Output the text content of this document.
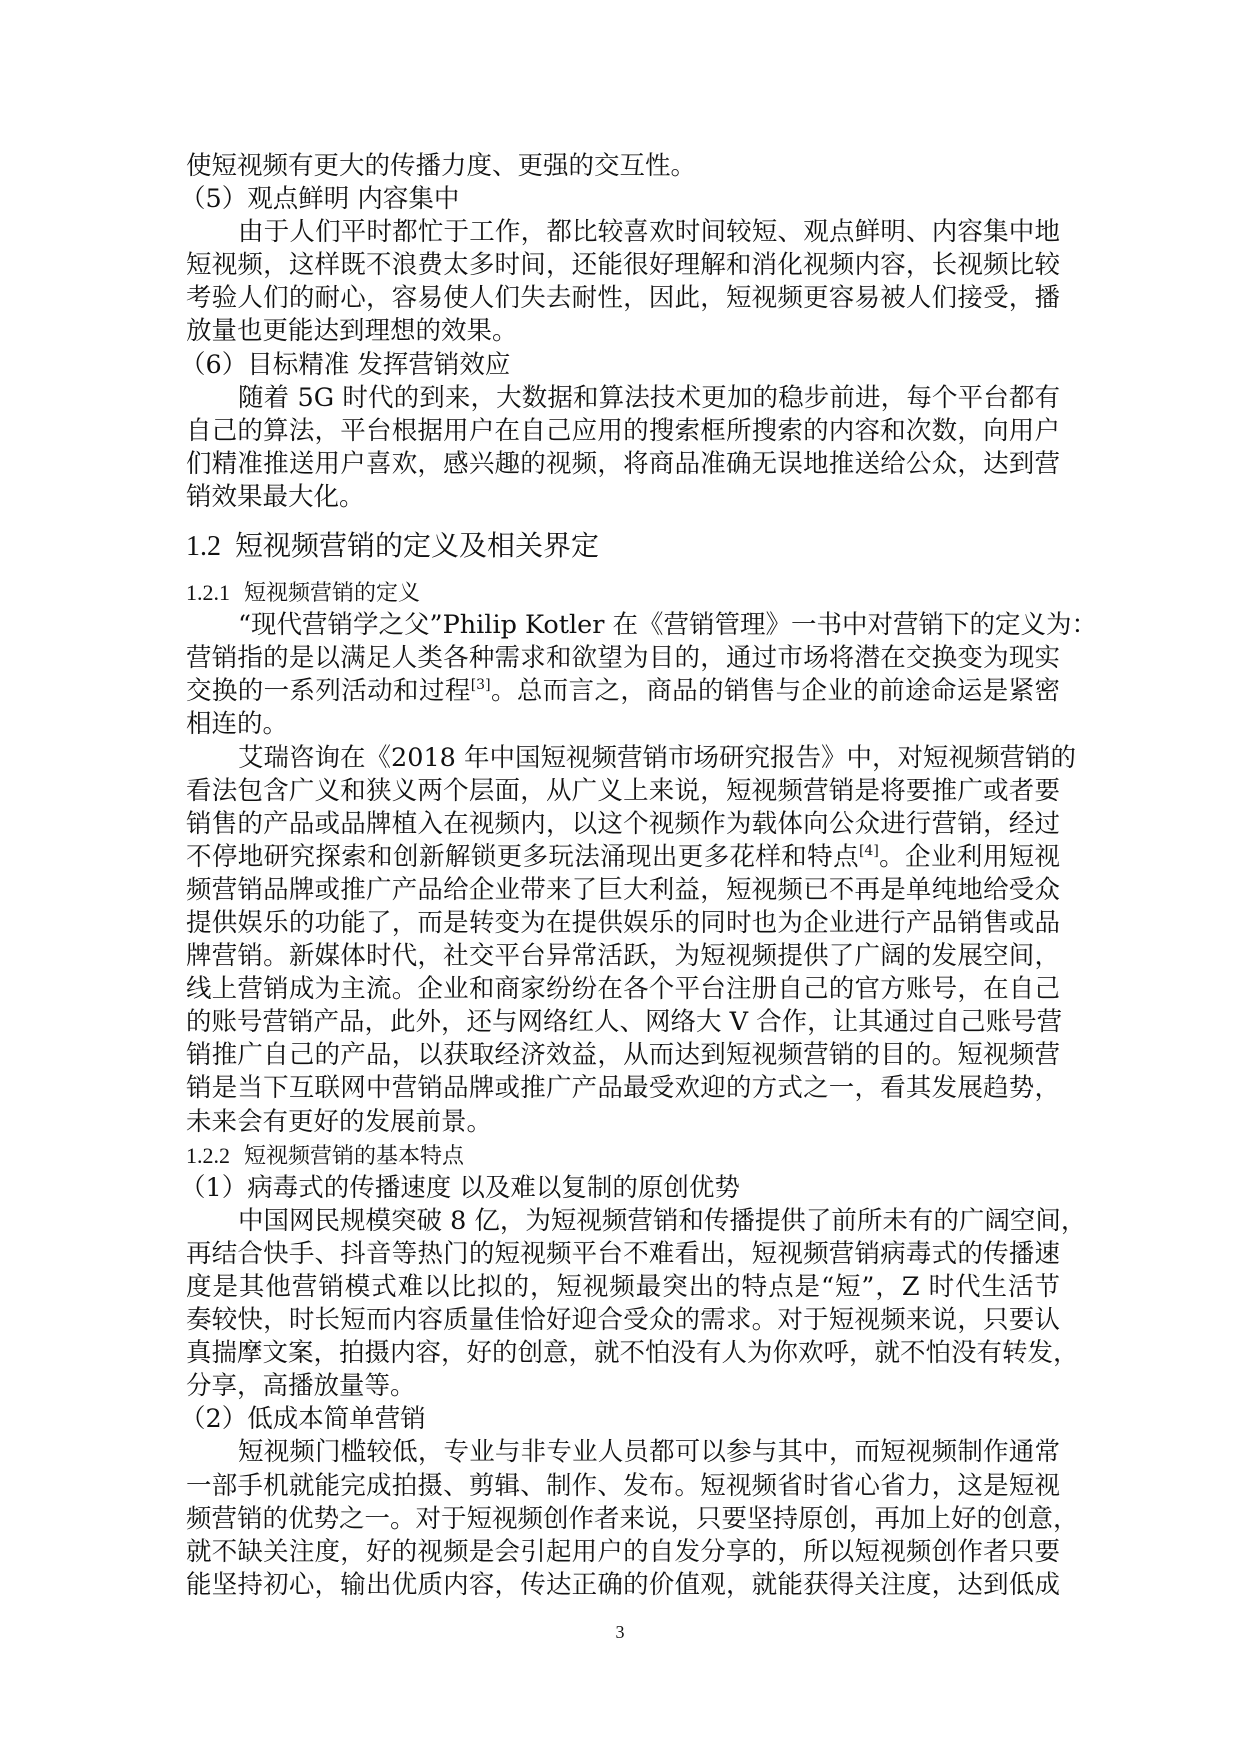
使短视频有更大的传播力度、更强的交互性。
（5）观点鲜明 内容集中
由于人们平时都忙于工作，都比较喜欢时间较短、观点鲜明、内容集中地
短视频，这样既不浪费太多时间，还能很好理解和消化视频内容，长视频比较
考验人们的耐心，容易使人们失去耐性，因此，短视频更容易被人们接受，播
放量也更能达到理想的效果。
（6）目标精准 发挥营销效应
随着 5G 时代的到来，大数据和算法技术更加的稳步前进，每个平台都有
自己的算法，平台根据用户在自己应用的搜索框所搜索的内容和次数，向用户
们精准推送用户喜欢，感兴趣的视频，将商品准确无误地推送给公众，达到营
销效果最大化。
1.2 短视频营销的定义及相关界定
1.2.1 短视频营销的定义
“现代营销学之父”Philip Kotler 在《营销管理》一书中对营销下的定义为：
营销指的是以满足人类各种需求和欲望为目的，通过市场将潜在交换变为现实
交换的一系列活动和过程[3]。总而言之，商品的销售与企业的前途命运是紧密
相连的。
艾瑞咨询在《2018 年中国短视频营销市场研究报告》中，对短视频营销的
看法包含广义和狭义两个层面，从广义上来说，短视频营销是将要推广或者要
销售的产品或品牌植入在视频内，以这个视频作为载体向公众进行营销，经过
不停地研究探索和创新解锁更多玩法涌现出更多花样和特点[4]。企业利用短视
频营销品牌或推广产品给企业带来了巨大利益，短视频已不再是单纯地给受众
提供娱乐的功能了，而是转变为在提供娱乐的同时也为企业进行产品销售或品
牌营销。新媒体时代，社交平台异常活跃，为短视频提供了广阔的发展空间，
线上营销成为主流。企业和商家纷纷在各个平台注册自己的官方账号，在自己
的账号营销产品，此外，还与网络红人、网络大 V 合作，让其通过自己账号营
销推广自己的产品，以获取经济效益，从而达到短视频营销的目的。短视频营
销是当下互联网中营销品牌或推广产品最受欢迎的方式之一，看其发展趋势，
未来会有更好的发展前景。
1.2.2 短视频营销的基本特点
（1）病毒式的传播速度 以及难以复制的原创优势
中国网民规模突破 8 亿，为短视频营销和传播提供了前所未有的广阔空间，
再结合快手、抖音等热门的短视频平台不难看出，短视频营销病毒式的传播速
度是其他营销模式难以比拟的，短视频最突出的特点是“短”，Z 时代生活节
奏较快，时长短而内容质量佳恰好迎合受众的需求。对于短视频来说，只要认
真揣摩文案，拍摄内容，好的创意，就不怕没有人为你欢呼，就不怕没有转发，
分享，高播放量等。
（2）低成本简单营销
短视频门槛较低，专业与非专业人员都可以参与其中，而短视频制作通常
一部手机就能完成拍摄、剪辑、制作、发布。短视频省时省心省力，这是短视
频营销的优势之一。对于短视频创作者来说，只要坚持原创，再加上好的创意，
就不缺关注度，好的视频是会引起用户的自发分享的，所以短视频创作者只要
能坚持初心，输出优质内容，传达正确的价值观，就能获得关注度，达到低成
3
